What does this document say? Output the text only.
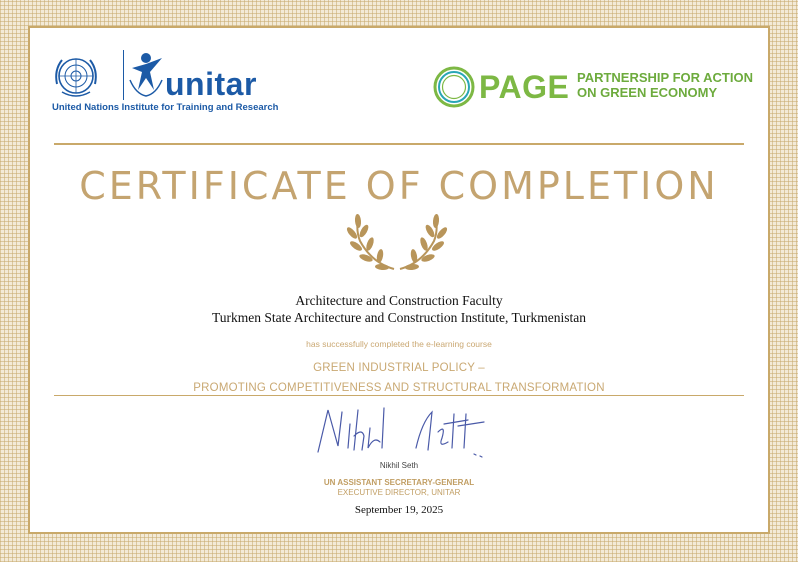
unitar
United Nations Institute for Training and Research
PAGE PARTNERSHIP FOR ACTION
ON GREEN ECONOMY
CERTIFICATE OF COMPLETION
Architecture and Construction Faculty
Turkmen State Architecture and Construction Institute, Turkmenistan
has successfully completed the e-learning course
GREEN INDUSTRIAL POLICY –
PROMOTING COMPETITIVENESS AND STRUCTURAL TRANSFORMATION
Nikhil Seth
UN ASSISTANT SECRETARY-GENERAL
EXECUTIVE DIRECTOR, UNITAR
September 19, 2025
